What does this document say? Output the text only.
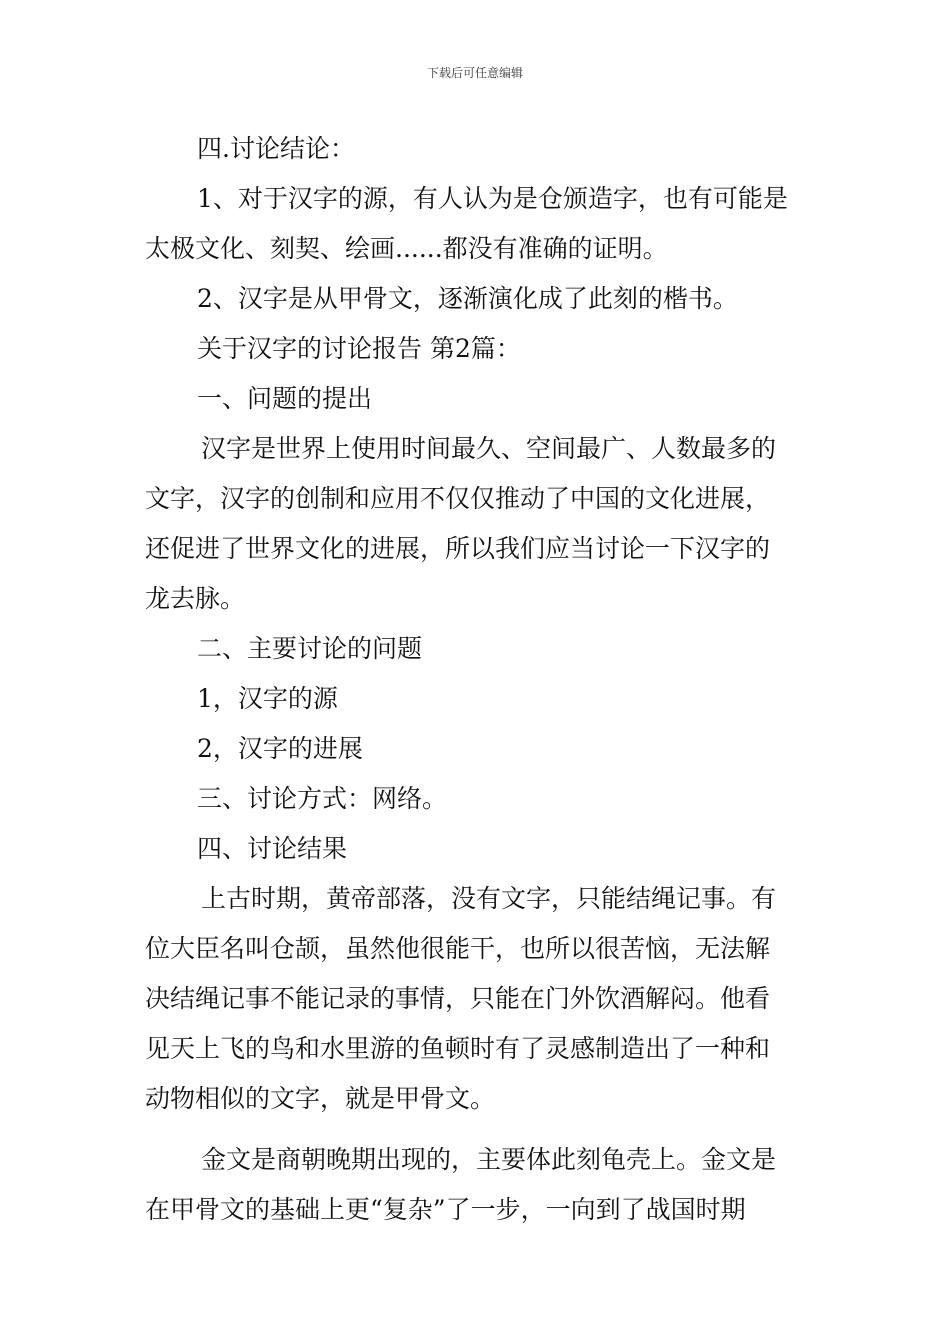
下载后可任意编辑
四.讨论结论：
1、对于汉字的源，有人认为是仓颁造字，也有可能是
太极文化、刻契、绘画......都没有准确的证明。
2、汉字是从甲骨文，逐渐演化成了此刻的楷书。
关于汉字的讨论报告 第2篇：
一、问题的提出
汉字是世界上使用时间最久、空间最广、人数最多的
文字，汉字的创制和应用不仅仅推动了中国的文化进展，
还促进了世界文化的进展，所以我们应当讨论一下汉字的
龙去脉。
二、主要讨论的问题
1，汉字的源
2，汉字的进展
三、讨论方式：网络。
四、讨论结果
上古时期，黄帝部落，没有文字，只能结绳记事。有
位大臣名叫仓颉，虽然他很能干，也所以很苦恼，无法解
决结绳记事不能记录的事情，只能在门外饮酒解闷。他看
见天上飞的鸟和水里游的鱼顿时有了灵感制造出了一种和
动物相似的文字，就是甲骨文。
金文是商朝晚期出现的，主要体此刻龟壳上。金文是
在甲骨文的基础上更“复杂”了一步，一向到了战国时期
